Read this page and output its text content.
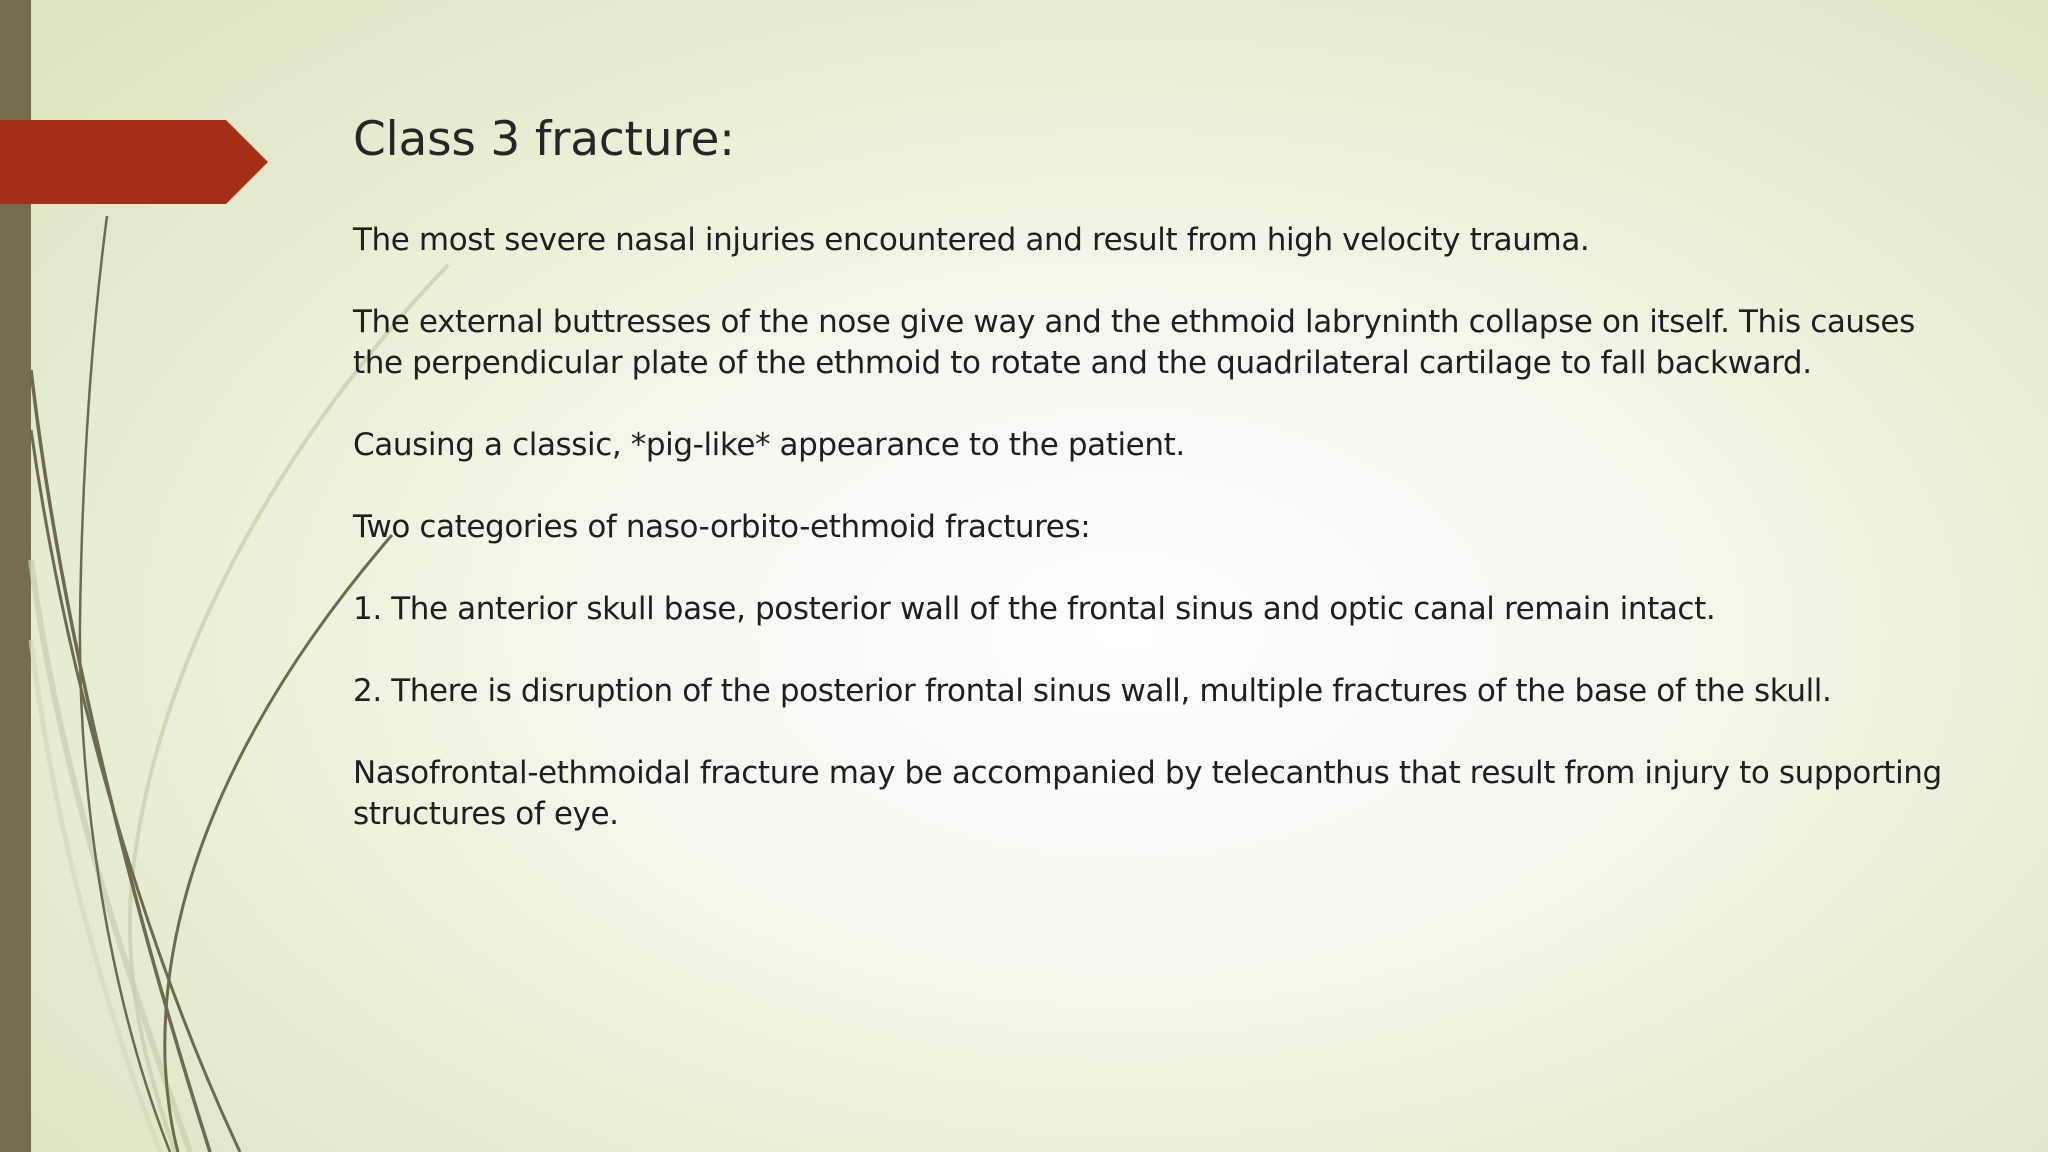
Class 3 fracture:

The most severe nasal injuries encountered and result from high velocity trauma.

The external buttresses of the nose give way and the ethmoid labryninth collapse on itself. This causes the perpendicular plate of the ethmoid to rotate and the quadrilateral cartilage to fall backward.

Causing a classic, *pig-like* appearance to the patient.

Two categories of naso-orbito-ethmoid fractures:

1. The anterior skull base, posterior wall of the frontal sinus and optic canal remain intact.

2. There is disruption of the posterior frontal sinus wall, multiple fractures of the base of the skull.

Nasofrontal-ethmoidal fracture may be accompanied by telecanthus that result from injury to supporting structures of eye.
